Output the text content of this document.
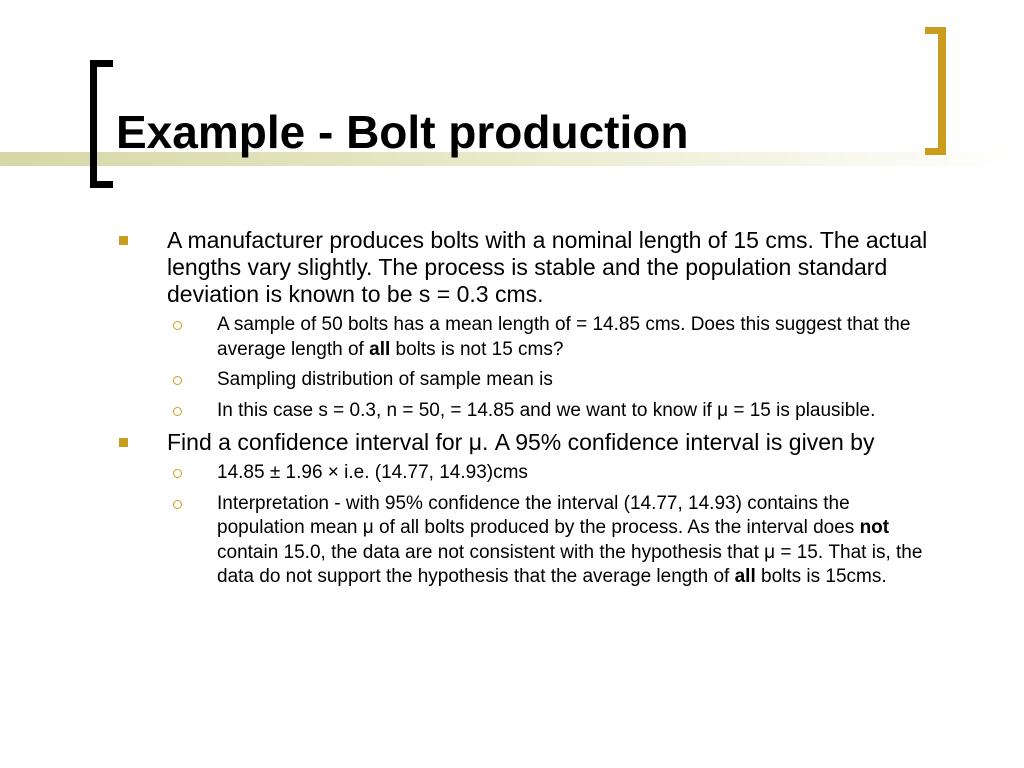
Example - Bolt production
A manufacturer produces bolts with a nominal length of 15 cms. The actual lengths vary slightly. The process is stable and the population standard deviation is known to be s = 0.3 cms.
A sample of 50 bolts has a mean length of = 14.85 cms. Does this suggest that the average length of all bolts is not 15 cms?
Sampling distribution of sample mean is
In this case s = 0.3, n = 50, = 14.85 and we want to know if μ = 15 is plausible.
Find a confidence interval for μ. A 95% confidence interval is given by
14.85 ± 1.96 × i.e. (14.77, 14.93)cms
Interpretation - with 95% confidence the interval (14.77, 14.93) contains the population mean μ of all bolts produced by the process. As the interval does not contain 15.0, the data are not consistent with the hypothesis that μ = 15. That is, the data do not support the hypothesis that the average length of all bolts is 15cms.
